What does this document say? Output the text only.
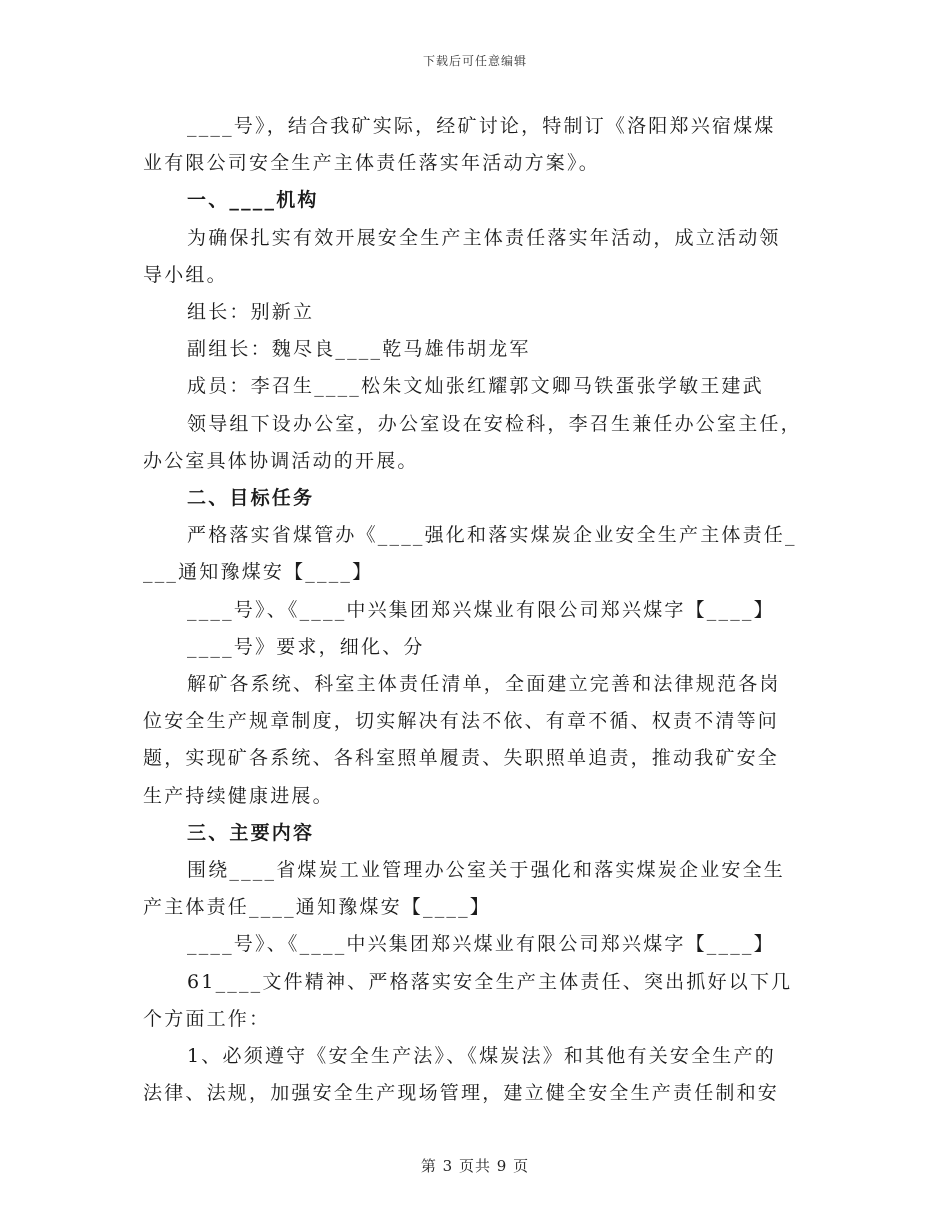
下载后可任意编辑

____号》，结合我矿实际，经矿讨论，特制订《洛阳郑兴宿煤煤

业有限公司安全生产主体责任落实年活动方案》。

一、____机构

为确保扎实有效开展安全生产主体责任落实年活动，成立活动领

导小组。

组长：别新立

副组长：魏尽良____乾马雄伟胡龙军

成员：李召生____松朱文灿张红耀郭文卿马铁蛋张学敏王建武

领导组下设办公室，办公室设在安检科，李召生兼任办公室主任，

办公室具体协调活动的开展。

二、目标任务

严格落实省煤管办《____强化和落实煤炭企业安全生产主体责任_

___通知豫煤安【____】

____号》、《____中兴集团郑兴煤业有限公司郑兴煤字【____】

____号》要求，细化、分

解矿各系统、科室主体责任清单，全面建立完善和法律规范各岗

位安全生产规章制度，切实解决有法不依、有章不循、权责不清等问

题，实现矿各系统、各科室照单履责、失职照单追责，推动我矿安全

生产持续健康进展。

三、主要内容

围绕____省煤炭工业管理办公室关于强化和落实煤炭企业安全生

产主体责任____通知豫煤安【____】

____号》、《____中兴集团郑兴煤业有限公司郑兴煤字【____】

61____文件精神、严格落实安全生产主体责任、突出抓好以下几

个方面工作：

1、必须遵守《安全生产法》、《煤炭法》和其他有关安全生产的

法律、法规，加强安全生产现场管理，建立健全安全生产责任制和安

第 3 页共 9 页
